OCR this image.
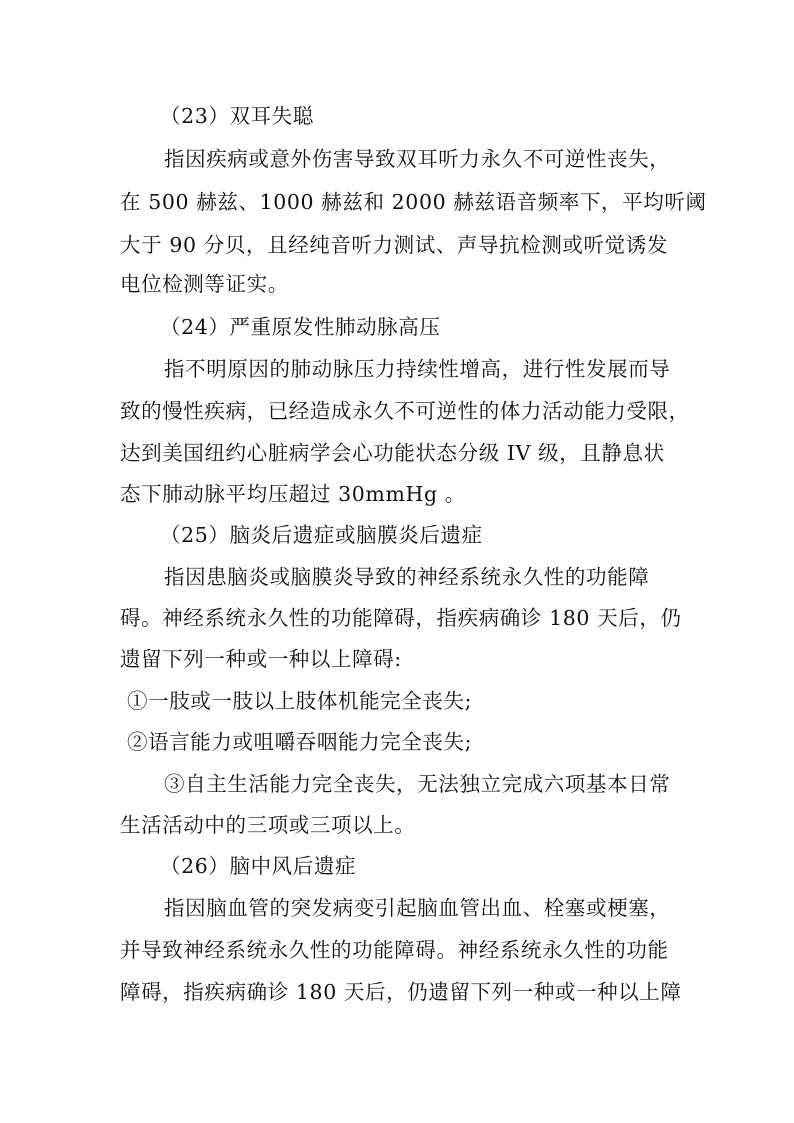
（23）双耳失聪
指因疾病或意外伤害导致双耳听力永久不可逆性丧失，
在 500 赫兹、1000 赫兹和 2000 赫兹语音频率下，平均听阈
大于 90 分贝，且经纯音听力测试、声导抗检测或听觉诱发
电位检测等证实。
（24）严重原发性肺动脉高压
指不明原因的肺动脉压力持续性增高，进行性发展而导
致的慢性疾病，已经造成永久不可逆性的体力活动能力受限，
达到美国纽约心脏病学会心功能状态分级 IV 级，且静息状
态下肺动脉平均压超过 30mmHg 。
（25）脑炎后遗症或脑膜炎后遗症
指因患脑炎或脑膜炎导致的神经系统永久性的功能障
碍。神经系统永久性的功能障碍，指疾病确诊 180 天后，仍
遗留下列一种或一种以上障碍:
①一肢或一肢以上肢体机能完全丧失;
②语言能力或咀嚼吞咽能力完全丧失;
③自主生活能力完全丧失，无法独立完成六项基本日常
生活活动中的三项或三项以上。
（26）脑中风后遗症
指因脑血管的突发病变引起脑血管出血、栓塞或梗塞，
并导致神经系统永久性的功能障碍。神经系统永久性的功能
障碍，指疾病确诊 180 天后，仍遗留下列一种或一种以上障
